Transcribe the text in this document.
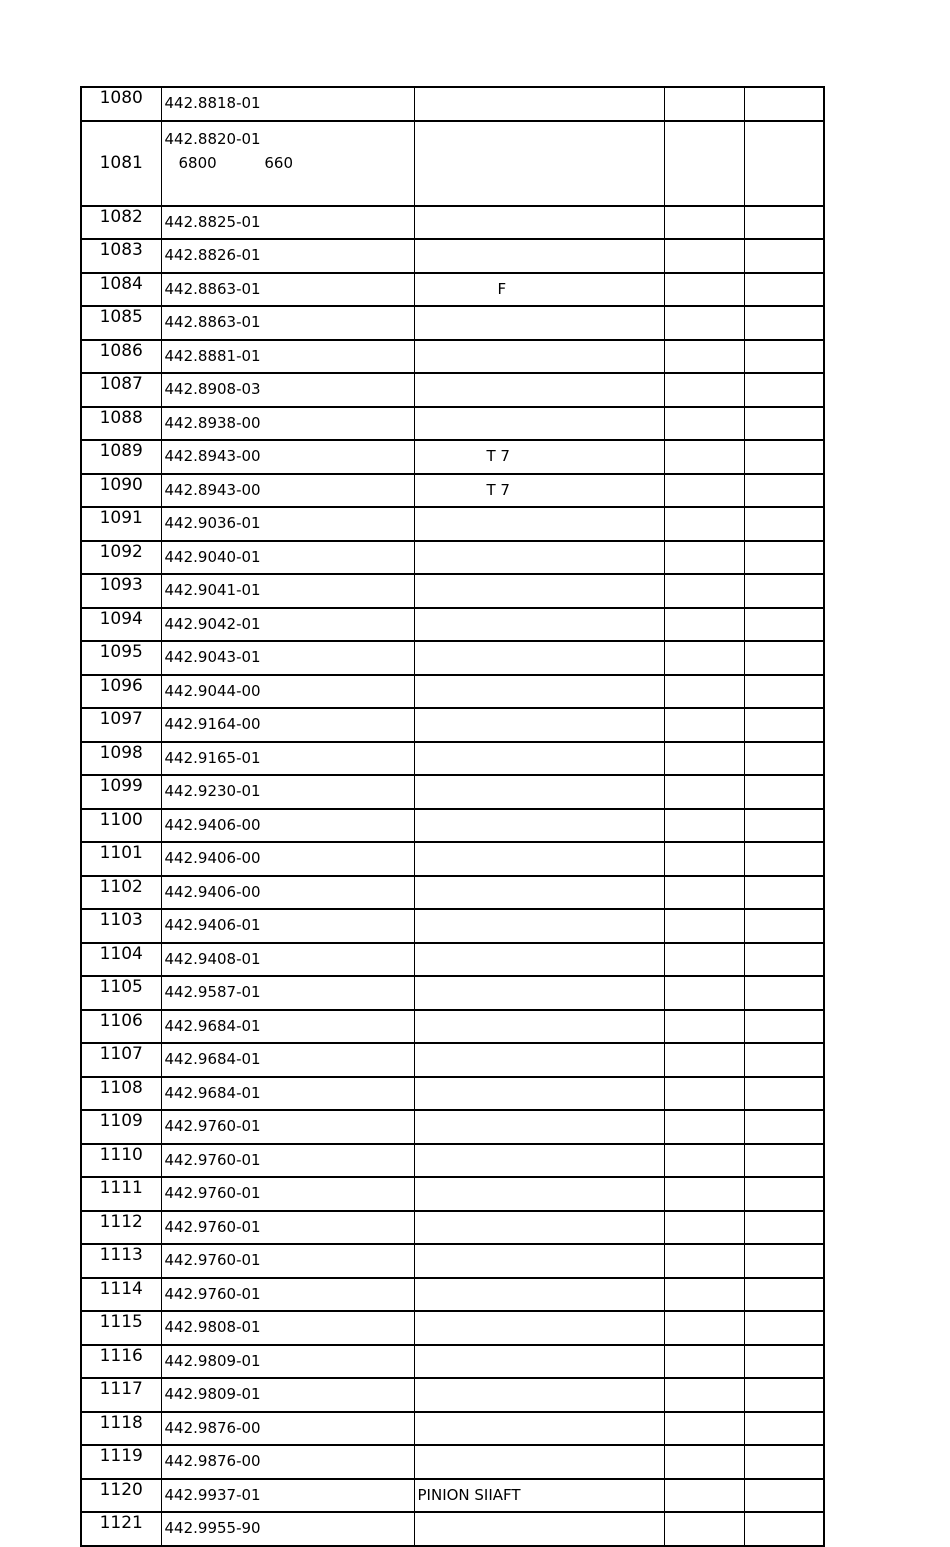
1080	442.8818-01			
1081	442.8820-01
6800          660			

1082	442.8825-01			
1083	442.8826-01			
1084	442.8863-01	F		
1085	442.8863-01			
1086	442.8881-01			
1087	442.8908-03			
1088	442.8938-00			
1089	442.8943-00	T 7		
1090	442.8943-00	T 7		
1091	442.9036-01			
1092	442.9040-01			
1093	442.9041-01			
1094	442.9042-01			
1095	442.9043-01			
1096	442.9044-00			
1097	442.9164-00			
1098	442.9165-01			
1099	442.9230-01			
1100	442.9406-00			
1101	442.9406-00			
1102	442.9406-00			
1103	442.9406-01			
1104	442.9408-01			
1105	442.9587-01			
1106	442.9684-01			
1107	442.9684-01			
1108	442.9684-01			
1109	442.9760-01			
1110	442.9760-01			
1111	442.9760-01			
1112	442.9760-01			
1113	442.9760-01			
1114	442.9760-01			
1115	442.9808-01			
1116	442.9809-01			
1117	442.9809-01			
1118	442.9876-00			
1119	442.9876-00			
1120	442.9937-01	PINION SIIAFT		
1121	442.9955-90			
